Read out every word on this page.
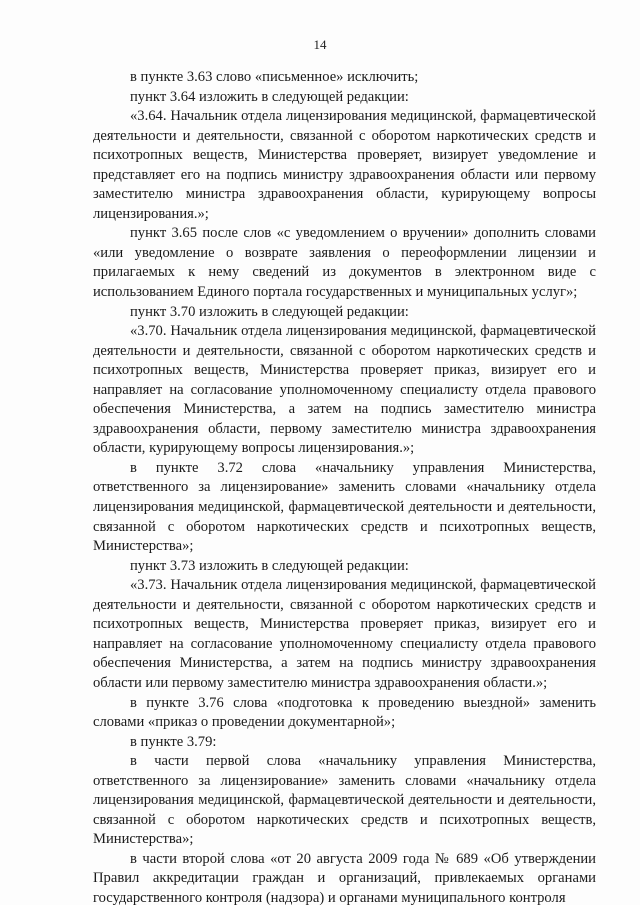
14

в пункте 3.63 слово «письменное» исключить;

пункт 3.64 изложить в следующей редакции:

«3.64. Начальник отдела лицензирования медицинской, фармацевтической деятельности и деятельности, связанной с оборотом наркотических средств и психотропных веществ, Министерства проверяет, визирует уведомление и представляет его на подпись министру здравоохранения области или первому заместителю министра здравоохранения области, курирующему вопросы лицензирования.»;

пункт 3.65 после слов «с уведомлением о вручении» дополнить словами «или уведомление о возврате заявления о переоформлении лицензии и прилагаемых к нему сведений из документов в электронном виде с использованием Единого портала государственных и муниципальных услуг»;

пункт 3.70 изложить в следующей редакции:

«3.70. Начальник отдела лицензирования медицинской, фармацевтической деятельности и деятельности, связанной с оборотом наркотических средств и психотропных веществ, Министерства проверяет приказ, визирует его и направляет на согласование уполномоченному специалисту отдела правового обеспечения Министерства, а затем на подпись заместителю министра здравоохранения области, первому заместителю министра здравоохранения области, курирующему вопросы лицензирования.»;

в пункте 3.72 слова «начальнику управления Министерства, ответственного за лицензирование» заменить словами «начальнику отдела лицензирования медицинской, фармацевтической деятельности и деятельности, связанной с оборотом наркотических средств и психотропных веществ, Министерства»;

пункт 3.73 изложить в следующей редакции:

«3.73. Начальник отдела лицензирования медицинской, фармацевтической деятельности и деятельности, связанной с оборотом наркотических средств и психотропных веществ, Министерства проверяет приказ, визирует его и направляет на согласование уполномоченному специалисту отдела правового обеспечения Министерства, а затем на подпись министру здравоохранения области или первому заместителю министра здравоохранения области.»;

в пункте 3.76 слова «подготовка к проведению выездной» заменить словами «приказ о проведении документарной»;

в пункте 3.79:

в части первой слова «начальнику управления Министерства, ответственного за лицензирование» заменить словами «начальнику отдела лицензирования медицинской, фармацевтической деятельности и деятельности, связанной с оборотом наркотических средств и психотропных веществ, Министерства»;

в части второй слова «от 20 августа 2009 года № 689 «Об утверждении Правил аккредитации граждан и организаций, привлекаемых органами государственного контроля (надзора) и органами муниципального контроля
